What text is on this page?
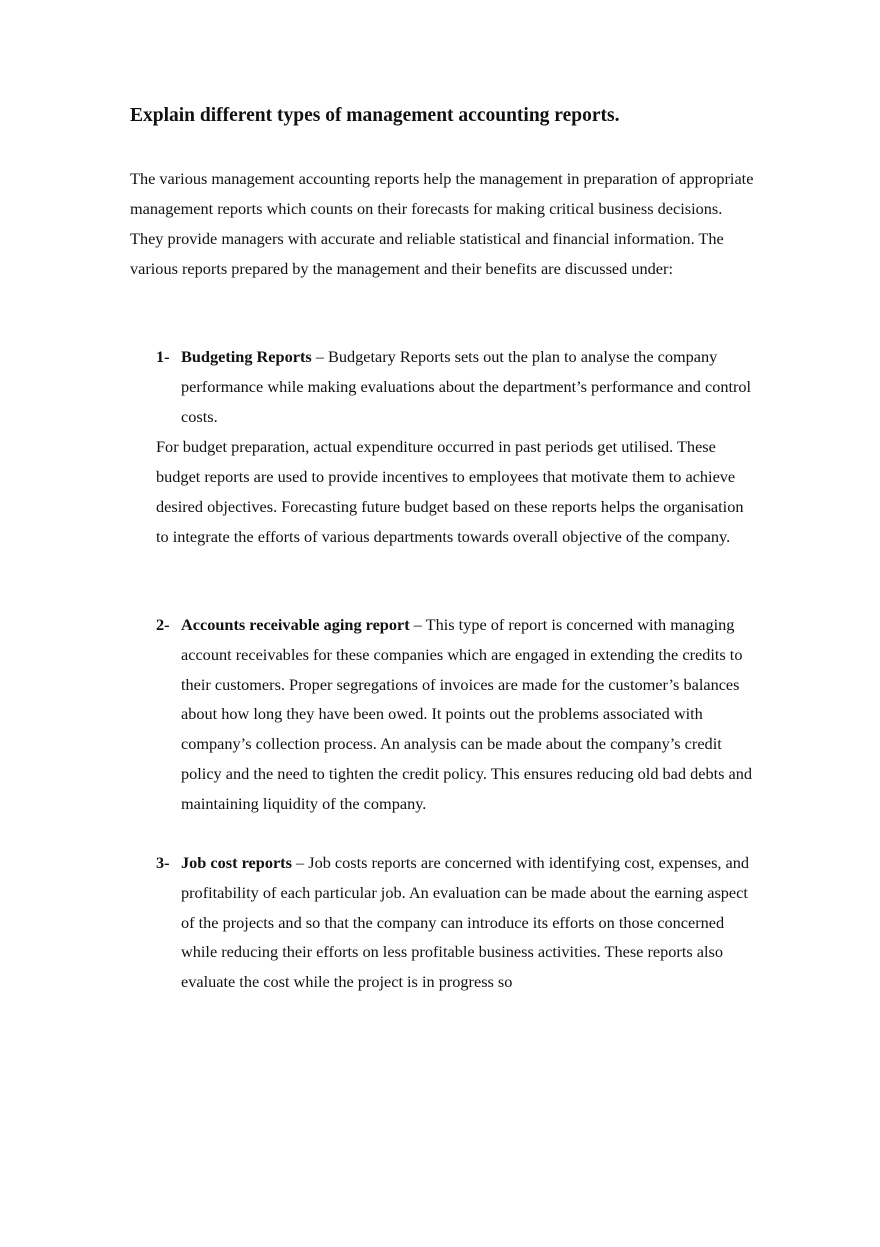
Explain different types of management accounting reports.

The various management accounting reports help the management in preparation of appropriate management reports which counts on their forecasts for making critical business decisions. They provide managers with accurate and reliable statistical and financial information. The various reports prepared by the management and their benefits are discussed under:

1- Budgeting Reports – Budgetary Reports sets out the plan to analyse the company performance while making evaluations about the department’s performance and control costs.

For budget preparation, actual expenditure occurred in past periods get utilised. These budget reports are used to provide incentives to employees that motivate them to achieve desired objectives. Forecasting future budget based on these reports helps the organisation to integrate the efforts of various departments towards overall objective of the company.

2- Accounts receivable aging report – This type of report is concerned with managing account receivables for these companies which are engaged in extending the credits to their customers. Proper segregations of invoices are made for the customer’s balances about how long they have been owed. It points out the problems associated with company’s collection process. An analysis can be made about the company’s credit policy and the need to tighten the credit policy. This ensures reducing old bad debts and maintaining liquidity of the company.

3- Job cost reports – Job costs reports are concerned with identifying cost, expenses, and profitability of each particular job. An evaluation can be made about the earning aspect of the projects and so that the company can introduce its efforts on those concerned while reducing their efforts on less profitable business activities. These reports also evaluate the cost while the project is in progress so
